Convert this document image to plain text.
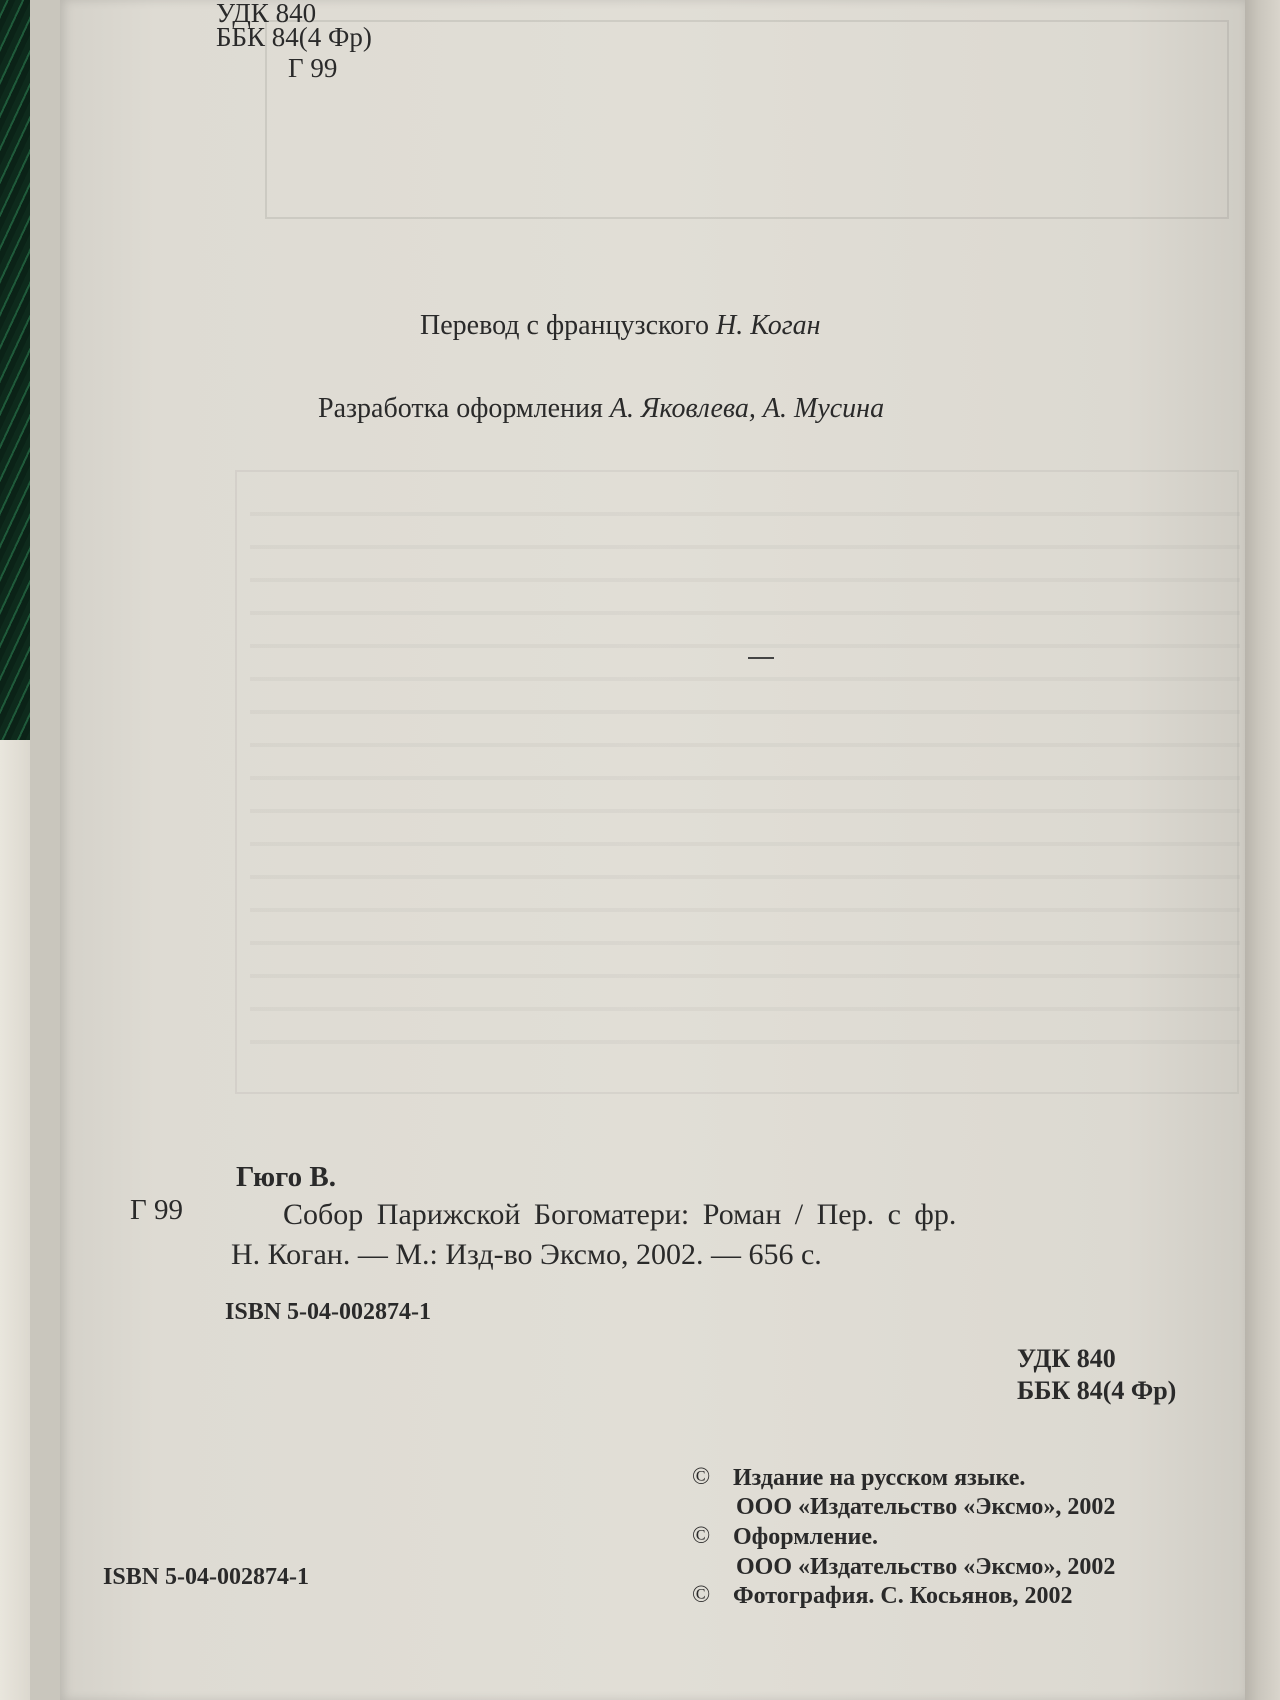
УДК 840
ББК 84(4 Фр)
Г 99
Перевод с французского Н. Коган
Разработка оформления А. Яковлева, А. Мусина
Гюго В.
Г 99	Собор Парижской Богоматери: Роман / Пер. с фр.
Н. Коган. — М.: Изд-во Эксмо, 2002. — 656 с.
ISBN 5-04-002874-1
УДК 840
ББК 84(4 Фр)
© Издание на русском языке.
ООО «Издательство «Эксмо», 2002
© Оформление.
ООО «Издательство «Эксмо», 2002
© Фотография. С. Косьянов, 2002
ISBN 5-04-002874-1
